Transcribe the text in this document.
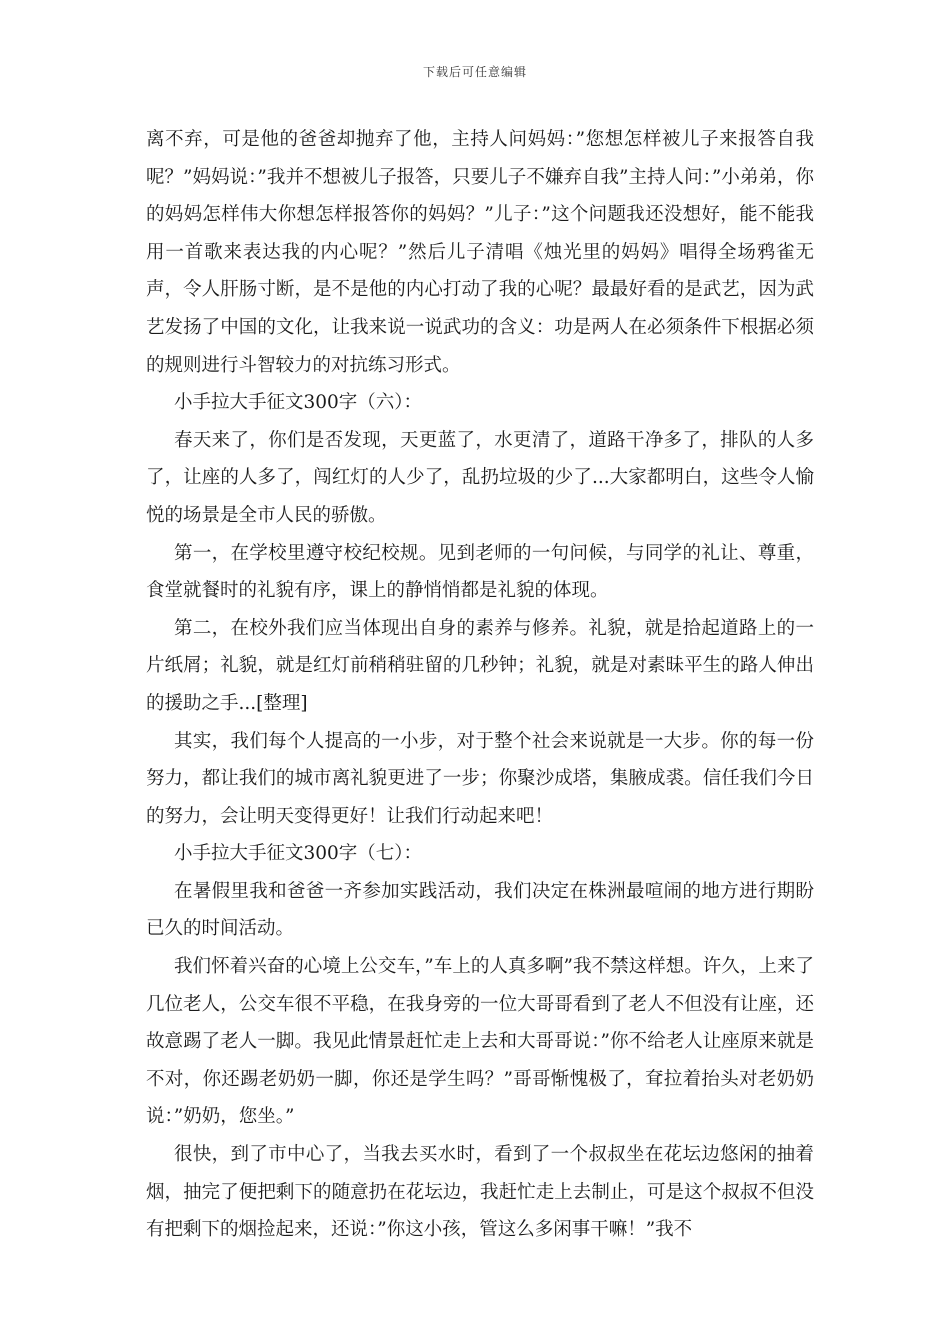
下载后可任意编辑

离不弃，可是他的爸爸却抛弃了他，主持人问妈妈：”您想怎样被儿子来报答自我呢？”妈妈说：”我并不想被儿子报答，只要儿子不嫌弃自我”主持人问：”小弟弟，你的妈妈怎样伟大你想怎样报答你的妈妈？”儿子：”这个问题我还没想好，能不能我用一首歌来表达我的内心呢？”然后儿子清唱《烛光里的妈妈》唱得全场鸦雀无声，令人肝肠寸断，是不是他的内心打动了我的心呢？最最好看的是武艺，因为武艺发扬了中国的文化，让我来说一说武功的含义：功是两人在必须条件下根据必须的规则进行斗智较力的对抗练习形式。

小手拉大手征文300字（六）：

春天来了，你们是否发现，天更蓝了，水更清了，道路干净多了，排队的人多了，让座的人多了，闯红灯的人少了，乱扔垃圾的少了...大家都明白，这些令人愉悦的场景是全市人民的骄傲。

第一，在学校里遵守校纪校规。见到老师的一句问候，与同学的礼让、尊重，食堂就餐时的礼貌有序，课上的静悄悄都是礼貌的体现。

第二，在校外我们应当体现出自身的素养与修养。礼貌，就是拾起道路上的一片纸屑；礼貌，就是红灯前稍稍驻留的几秒钟；礼貌，就是对素昧平生的路人伸出的援助之手...[整理]

其实，我们每个人提高的一小步，对于整个社会来说就是一大步。你的每一份努力，都让我们的城市离礼貌更进了一步；你聚沙成塔，集腋成裘。信任我们今日的努力，会让明天变得更好！让我们行动起来吧！

小手拉大手征文300字（七）：

在暑假里我和爸爸一齐参加实践活动，我们决定在株洲最喧闹的地方进行期盼已久的时间活动。

我们怀着兴奋的心境上公交车，”车上的人真多啊”我不禁这样想。许久，上来了几位老人，公交车很不平稳，在我身旁的一位大哥哥看到了老人不但没有让座，还故意踢了老人一脚。我见此情景赶忙走上去和大哥哥说：”你不给老人让座原来就是不对，你还踢老奶奶一脚，你还是学生吗？”哥哥惭愧极了，耷拉着抬头对老奶奶说：”奶奶，您坐。”

很快，到了市中心了，当我去买水时，看到了一个叔叔坐在花坛边悠闲的抽着烟，抽完了便把剩下的随意扔在花坛边，我赶忙走上去制止，可是这个叔叔不但没有把剩下的烟捡起来，还说：”你这小孩，管这么多闲事干嘛！”我不
